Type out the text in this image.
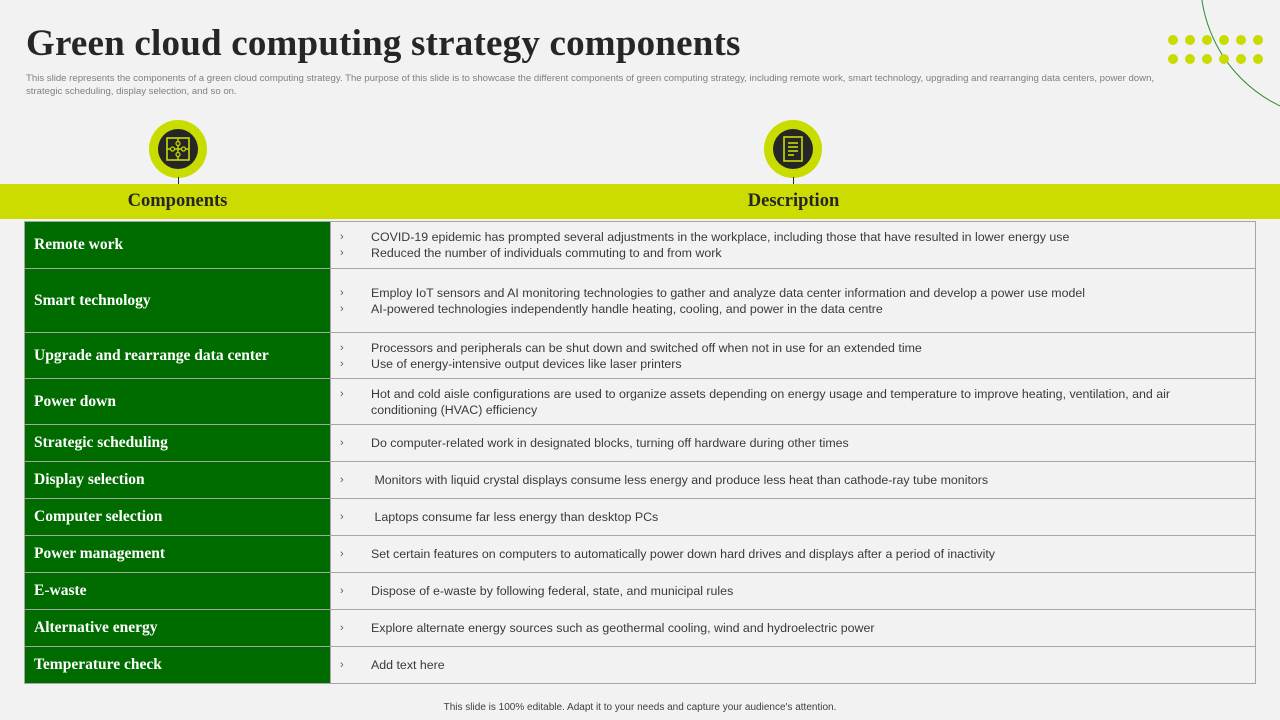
Green cloud computing strategy components

This slide represents the components of a green cloud computing strategy. The purpose of this slide is to showcase the different components of green computing strategy, including remote work, smart technology, upgrading and rearranging data centers, power down, strategic scheduling, display selection, and so on.

Components	Description
Remote work	›	COVID-19 epidemic has prompted several adjustments in the workplace, including those that have resulted in lower energy use
›	Reduced the number of individuals commuting to and from work
Smart technology	›	Employ IoT sensors and AI monitoring technologies to gather and analyze data center information and develop a power use model
›	AI-powered technologies independently handle heating, cooling, and power in the data centre
Upgrade and rearrange data center	›	Processors and peripherals can be shut down and switched off when not in use for an extended time
›	Use of energy-intensive output devices like laser printers
Power down	›	Hot and cold aisle configurations are used to organize assets depending on energy usage and temperature to improve heating, ventilation, and air conditioning (HVAC) efficiency
Strategic scheduling	›	Do computer-related work in designated blocks, turning off hardware during other times
Display selection	›	Monitors with liquid crystal displays consume less energy and produce less heat than cathode-ray tube monitors
Computer selection	›	Laptops consume far less energy than desktop PCs
Power management	›	Set certain features on computers to automatically power down hard drives and displays after a period of inactivity
E-waste	›	Dispose of e-waste by following federal, state, and municipal rules
Alternative energy	›	Explore alternate energy sources such as geothermal cooling, wind and hydroelectric power
Temperature check	›	Add text here
This slide is 100% editable. Adapt it to your needs and capture your audience's attention.
